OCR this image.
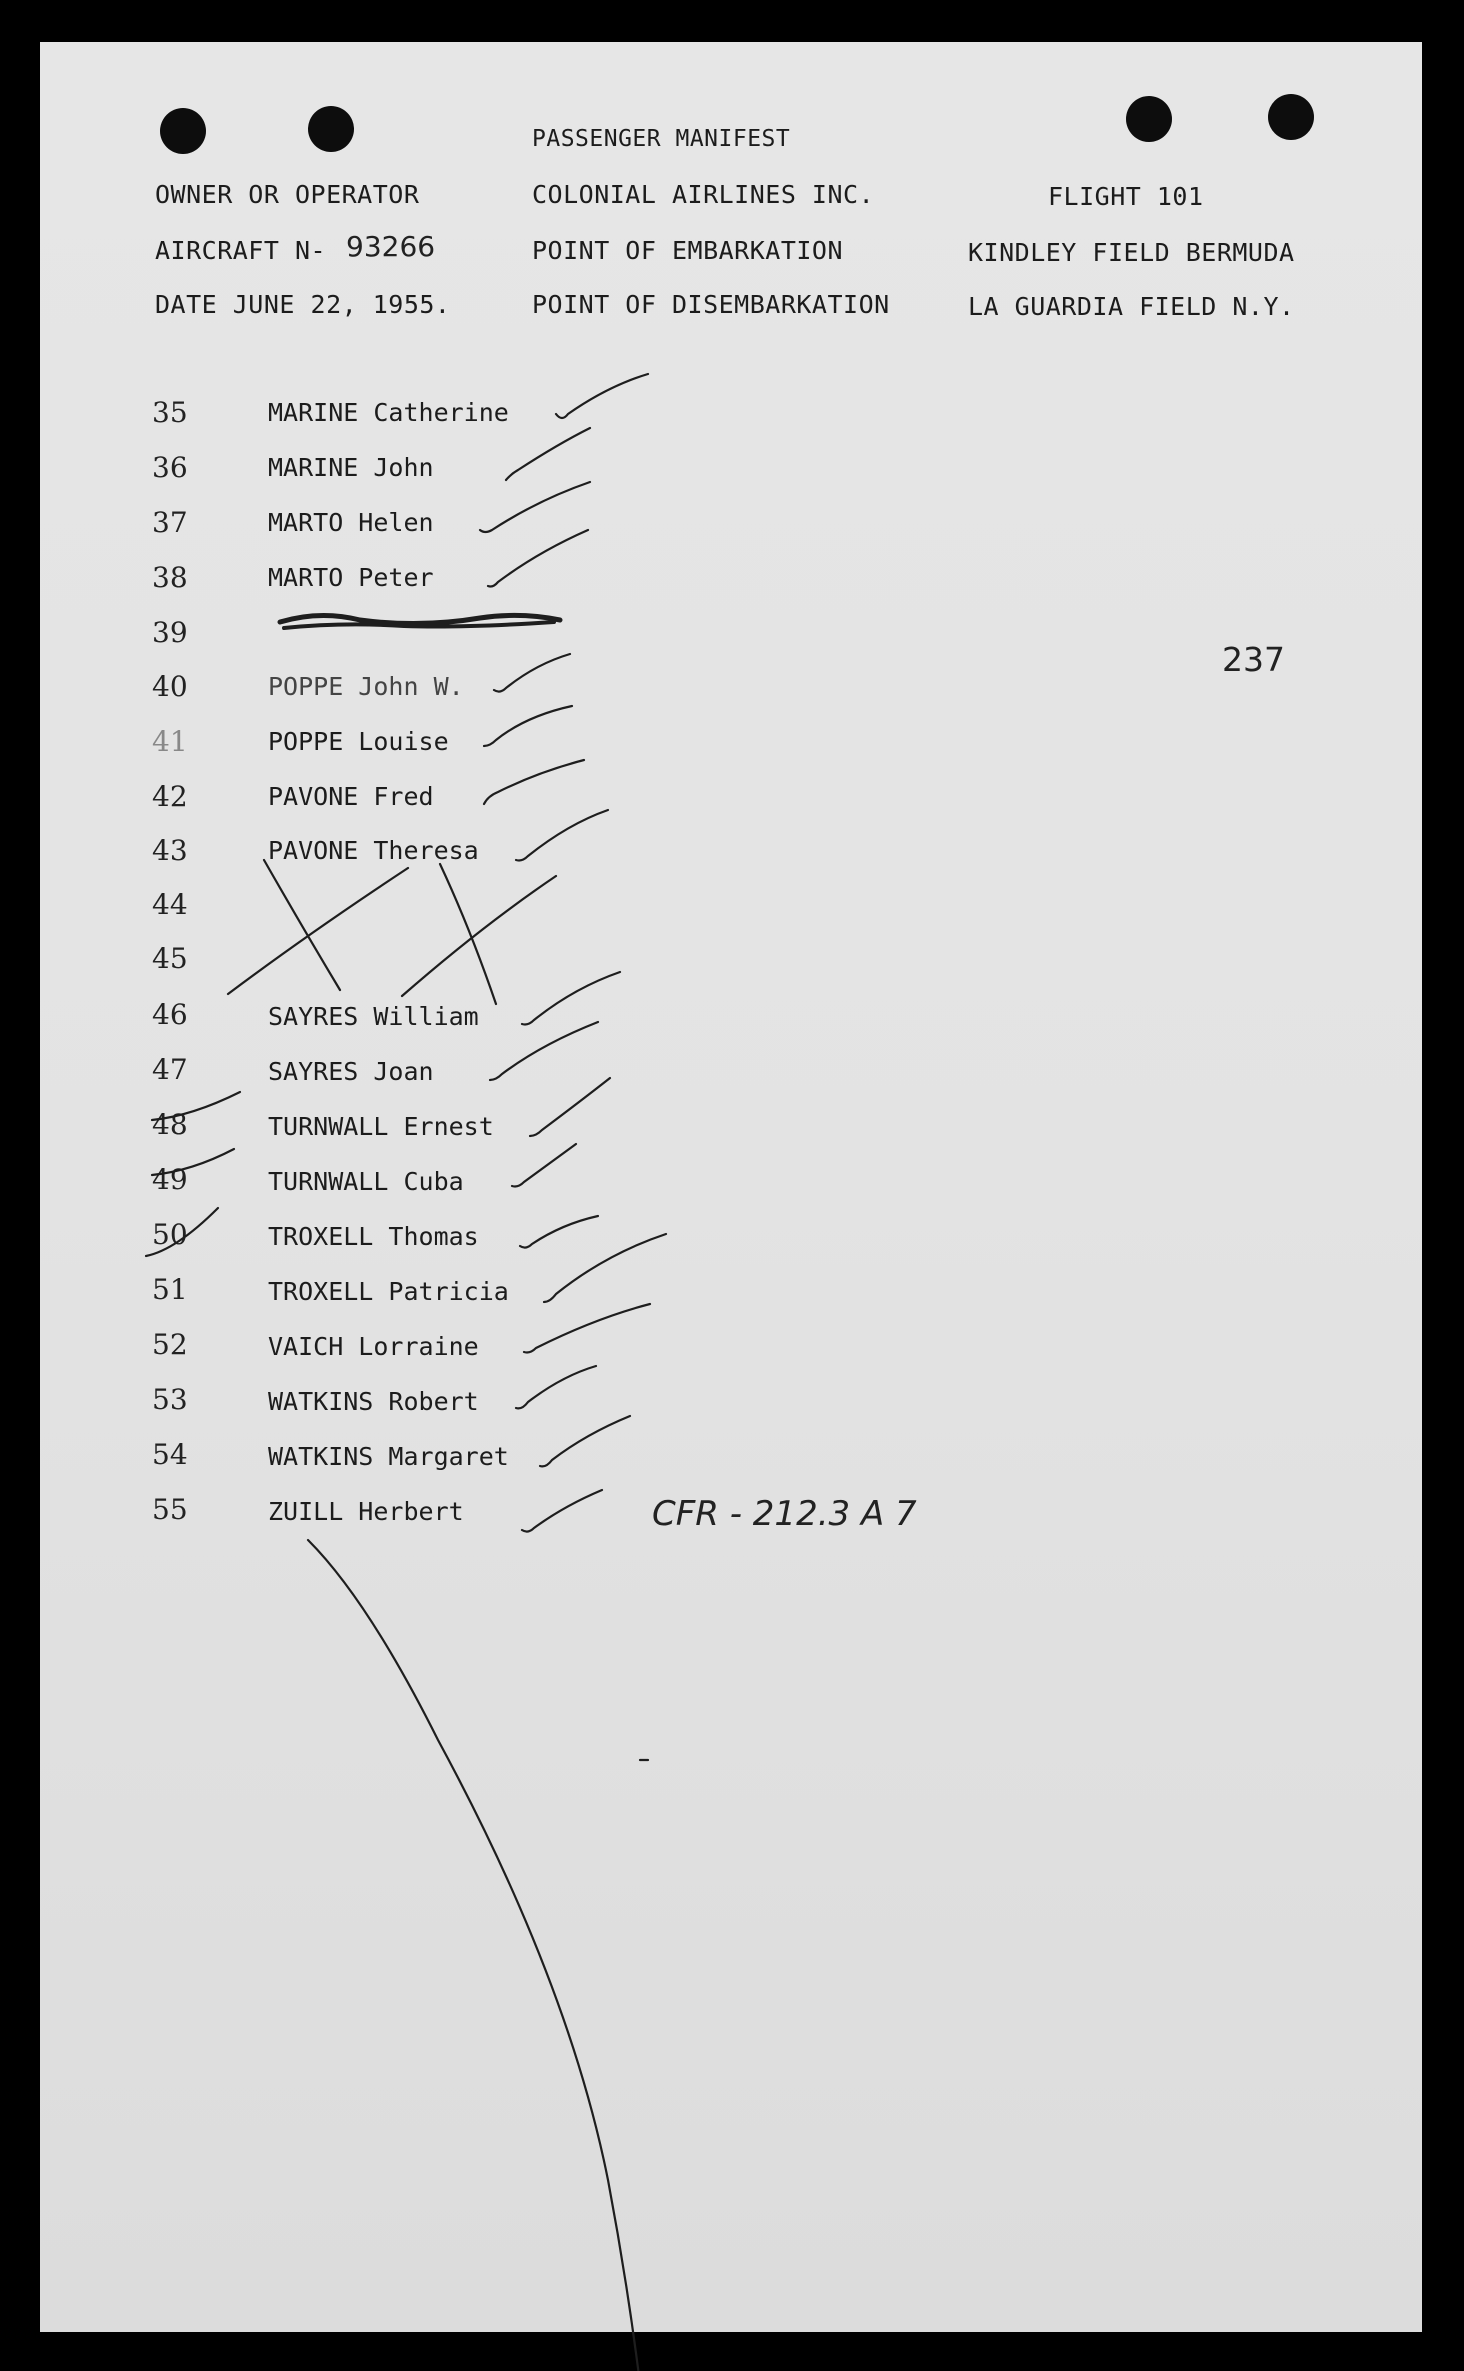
PASSENGER MANIFEST
OWNER OR OPERATOR	COLONIAL AIRLINES INC.	FLIGHT 101
AIRCRAFT N- 93266	POINT OF EMBARKATION	KINDLEY FIELD BERMUDA
DATE JUNE 22, 1955.	POINT OF DISEMBARKATION	LA GUARDIA FIELD N.Y.
237
CFR - 212.3 A 7
35	MARINE Catherine
36	MARINE John
37	MARTO Helen
38	MARTO Peter
39
40	POPPE John W.
41	POPPE Louise
42	PAVONE Fred
43	PAVONE Theresa
44
45
46	SAYRES William
47	SAYRES Joan
48	TURNWALL Ernest
49	TURNWALL Cuba
50	TROXELL Thomas
51	TROXELL Patricia
52	VAICH Lorraine
53	WATKINS Robert
54	WATKINS Margaret
55	ZUILL Herbert
